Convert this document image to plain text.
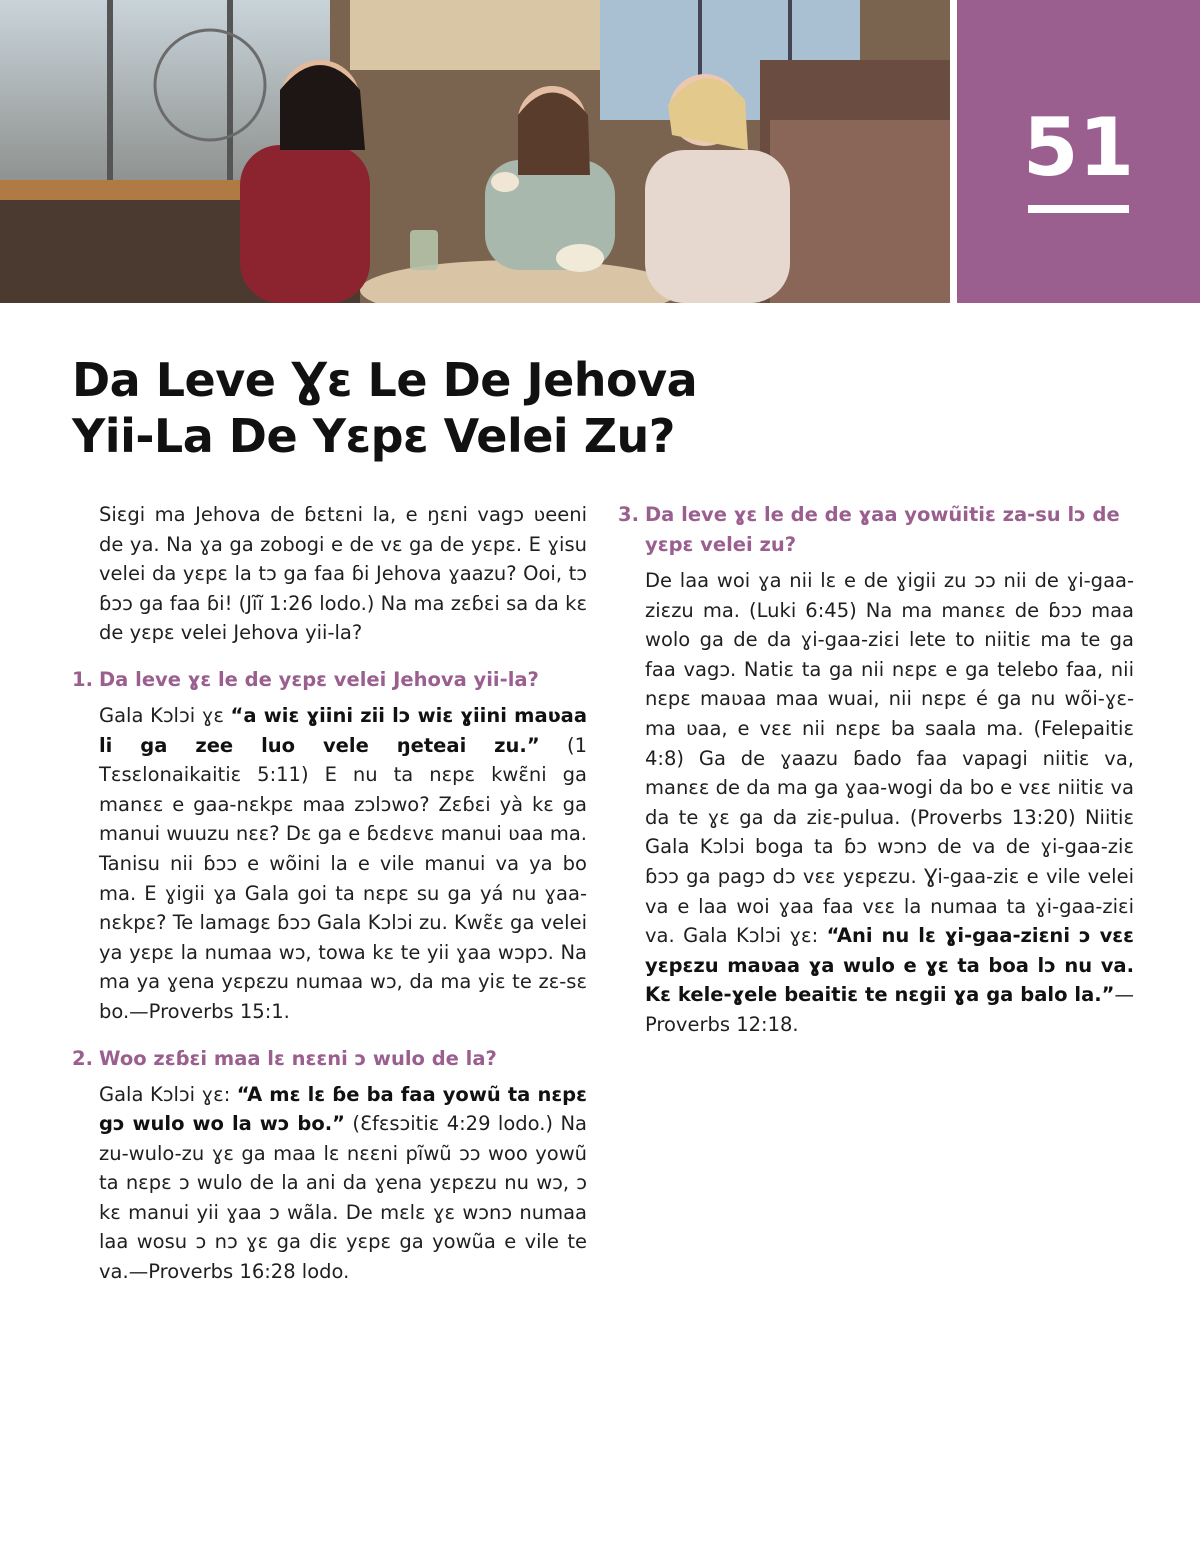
51
Da Leve Ɣɛ Le De Jehova
Yii-La De Yɛpɛ Velei Zu?

Siɛgi ma Jehova de ɓɛtɛni la, e ŋɛni vagɔ ʋeeni de ya. Na ɣa ga zobogi e de vɛ ga de yɛpɛ. E ɣisu velei da yɛpɛ la tɔ ga faa ɓi Jehova ɣaazu? Ooi, tɔ ɓɔɔ ga faa ɓi! (Jĩĩ 1:26 lodo.) Na ma zɛɓɛi sa da kɛ de yɛpɛ velei Jehova yii-la?

1. Da leve ɣɛ le de yɛpɛ velei Jehova yii-la?

Gala Kɔlɔi ɣɛ “a wiɛ ɣiini zii lɔ wiɛ ɣiini maʋaa li ga zee luo vele ŋeteai zu.” (1 Tɛsɛlonaikaitiɛ 5:11) E nu ta nɛpɛ kwɛ̃ni ga manɛɛ e gaa-nɛkpɛ maa zɔlɔwo? Zɛɓɛi yà kɛ ga manui wuuzu nɛɛ? Dɛ ga e ɓɛdɛvɛ manui ʋaa ma. Tanisu nii ɓɔɔ e wõini la e vile manui va ya bo ma. E ɣigii ɣa Gala goi ta nɛpɛ su ga yá nu ɣaa-nɛkpɛ? Te lamagɛ ɓɔɔ Gala Kɔlɔi zu. Kwɛ̃ɛ ga velei ya yɛpɛ la numaa wɔ, towa kɛ te yii ɣaa wɔpɔ. Na ma ya ɣena yɛpɛzu numaa wɔ, da ma yiɛ te zɛ-sɛ bo.—Proverbs 15:1.

2. Woo zɛɓɛi maa lɛ nɛɛni ɔ wulo de la?

Gala Kɔlɔi ɣɛ: “A mɛ lɛ ɓe ba faa yowũ ta nɛpɛ gɔ wulo wo la wɔ bo.” (Ɛfɛsɔitiɛ 4:29 lodo.) Na zu-wulo-zu ɣɛ ga maa lɛ nɛɛni pĩwũ ɔɔ woo yowũ ta nɛpɛ ɔ wulo de la ani da ɣena yɛpɛzu nu wɔ, ɔ kɛ manui yii ɣaa ɔ wãla. De mɛlɛ ɣɛ wɔnɔ numaa laa wosu ɔ nɔ ɣɛ ga diɛ yɛpɛ ga yowũa e vile te va.—Proverbs 16:28 lodo.

3. Da leve ɣɛ le de de ɣaa yowũitiɛ za-su lɔ de yɛpɛ velei zu?

De laa woi ɣa nii lɛ e de ɣigii zu ɔɔ nii de ɣi-gaa-ziɛzu ma. (Luki 6:45) Na ma manɛɛ de ɓɔɔ maa wolo ga de da ɣi-gaa-ziɛi lete to niitiɛ ma te ga faa vagɔ. Natiɛ ta ga nii nɛpɛ e ga telebo faa, nii nɛpɛ maʋaa maa wuai, nii nɛpɛ é ga nu wõi-ɣɛ-ma ʋaa, e vɛɛ nii nɛpɛ ba saala ma. (Felepaitiɛ 4:8) Ga de ɣaazu ɓado faa vapagi niitiɛ va, manɛɛ de da ma ga ɣaa-wogi da bo e vɛɛ niitiɛ va da te ɣɛ ga da ziɛ-pulua. (Proverbs 13:20) Niitiɛ Gala Kɔlɔi boga ta ɓɔ wɔnɔ de va de ɣi-gaa-ziɛ ɓɔɔ ga pagɔ dɔ vɛɛ yɛpɛzu. Ɣi-gaa-ziɛ e vile velei va e laa woi ɣaa faa vɛɛ la numaa ta ɣi-gaa-ziɛi va. Gala Kɔlɔi ɣɛ: “Ani nu lɛ ɣi-gaa-ziɛni ɔ vɛɛ yɛpɛzu maʋaa ɣa wulo e ɣɛ ta boa lɔ nu va. Kɛ kele-ɣele beaitiɛ te nɛgii ɣa ga balo la.”—Proverbs 12:18.
